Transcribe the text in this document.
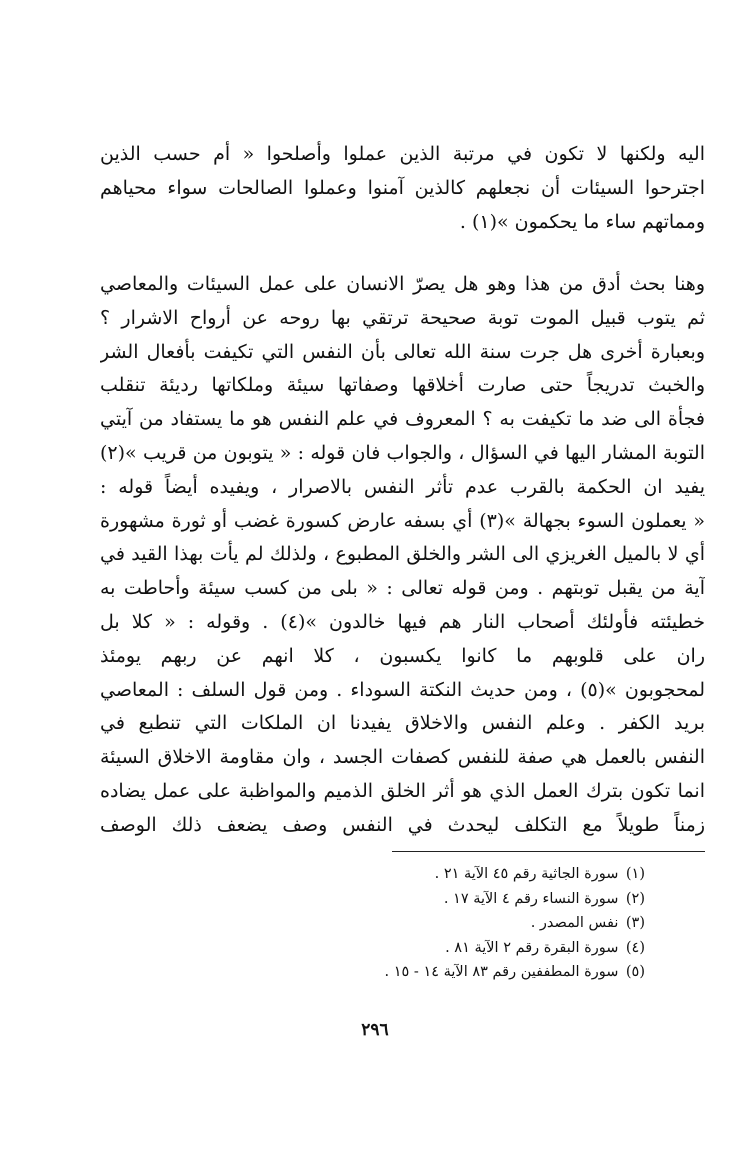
اليه ولكنها لا تكون في مرتبة الذين عملوا وأصلحوا « أم حسب الذين
اجترحوا السيئات أن نجعلهم كالذين آمنوا وعملوا الصالحات سواء محياهم
ومماتهم ساء ما يحكمون »(١) .
وهنا بحث أدق من هذا وهو هل يصرّ الانسان على عمل السيئات والمعاصي
ثم يتوب قبيل الموت توبة صحيحة ترتقي بها روحه عن أرواح الاشرار ؟
وبعبارة أخرى هل جرت سنة الله تعالى بأن النفس التي تكيفت بأفعال الشر
والخبث تدريجاً حتى صارت أخلاقها وصفاتها سيئة وملكاتها رديئة تنقلب
فجأة الى ضد ما تكيفت به ؟ المعروف في علم النفس هو ما يستفاد من آيتي
التوبة المشار اليها في السؤال ، والجواب فان قوله : « يتوبون من قريب »(٢)
يفيد ان الحكمة بالقرب عدم تأثر النفس بالاصرار ، ويفيده أيضاً قوله :
« يعملون السوء بجهالة »(٣) أي بسفه عارض كسورة غضب أو ثورة مشهورة
أي لا بالميل الغريزي الى الشر والخلق المطبوع ، ولذلك لم يأت بهذا القيد في
آية من يقبل توبتهم . ومن قوله تعالى : « بلى من كسب سيئة وأحاطت به
خطيئته فأولئك أصحاب النار هم فيها خالدون »(٤) . وقوله : « كلا بل
ران على قلوبهم ما كانوا يكسبون ، كلا انهم عن ربهم يومئذ
لمحجوبون »(٥) ، ومن حديث النكتة السوداء . ومن قول السلف : المعاصي
بريد الكفر . وعلم النفس والاخلاق يفيدنا ان الملكات التي تنطبع في
النفس بالعمل هي صفة للنفس كصفات الجسد ، وان مقاومة الاخلاق السيئة
انما تكون بترك العمل الذي هو أثر الخلق الذميم والمواظبة على عمل يضاده
زمناً طويلاً مع التكلف ليحدث في النفس وصف يضعف ذلك الوصف
(١) سورة الجاثية رقم ٤٥ الآية ٢١ .
(٢) سورة النساء رقم ٤ الآية ١٧ .
(٣) نفس المصدر .
(٤) سورة البقرة رقم ٢ الآية ٨١ .
(٥) سورة المطففين رقم ٨٣ الآية ١٤ - ١٥ .
٢٩٦
